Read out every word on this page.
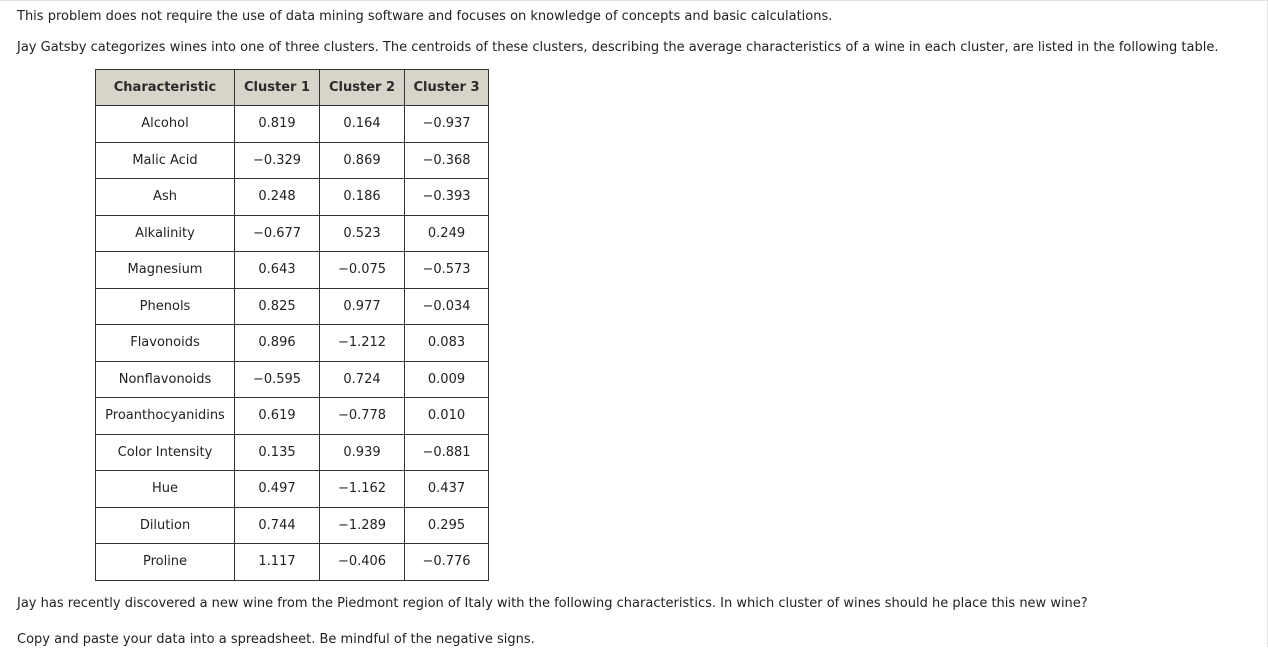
This problem does not require the use of data mining software and focuses on knowledge of concepts and basic calculations.

Jay Gatsby categorizes wines into one of three clusters. The centroids of these clusters, describing the average characteristics of a wine in each cluster, are listed in the following table.

Characteristic	Cluster 1	Cluster 2	Cluster 3
Alcohol	0.819	0.164	−0.937
Malic Acid	−0.329	0.869	−0.368
Ash	0.248	0.186	−0.393
Alkalinity	−0.677	0.523	0.249
Magnesium	0.643	−0.075	−0.573
Phenols	0.825	0.977	−0.034
Flavonoids	0.896	−1.212	0.083
Nonflavonoids	−0.595	0.724	0.009
Proanthocyanidins	0.619	−0.778	0.010
Color Intensity	0.135	0.939	−0.881
Hue	0.497	−1.162	0.437
Dilution	0.744	−1.289	0.295
Proline	1.117	−0.406	−0.776

Jay has recently discovered a new wine from the Piedmont region of Italy with the following characteristics. In which cluster of wines should he place this new wine?

Copy and paste your data into a spreadsheet. Be mindful of the negative signs.
